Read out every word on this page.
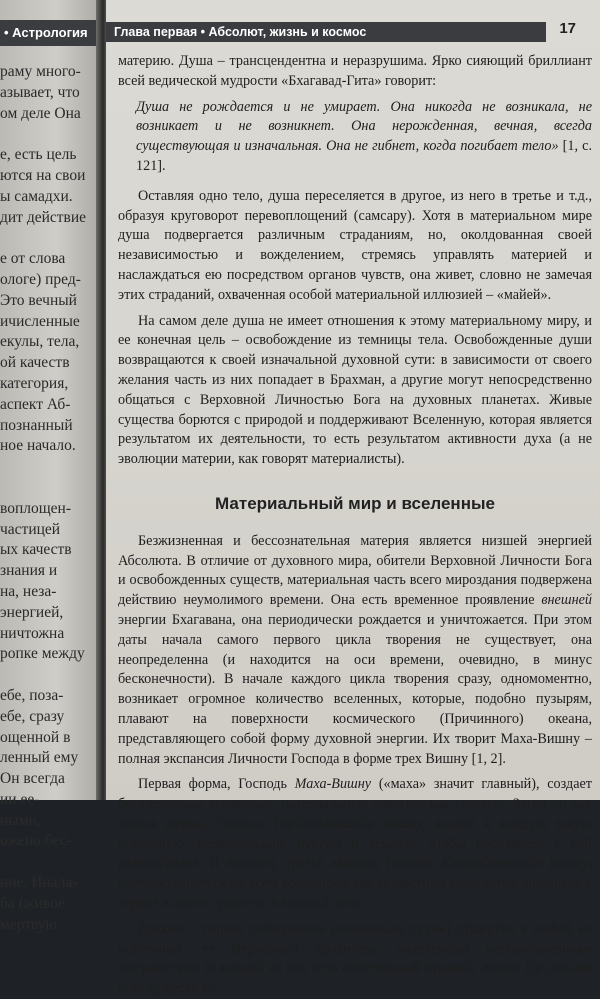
• Астрология
раму много-
азывает, что
ом деле Она

е, есть цель
ются на свои
ы самадхи.
дит действие

е от слова
ологе) пред-
Это вечный
ичисленные
екулы, тела,
ой качеств
категория,
аспект Аб-
познанный
ное начало.

воплощен-
частицей
ых качеств
знания и
на, неза-
энергией,
ничтожна
ропке между

ебе, поза-
ебе, сразу
ощенной в
ленный ему
Он всегда
ии ее-
ными,
ожено бес-

ние. Инала-
ба (живое
мертвую
Глава первая • Абсолют, жизнь и космос	17

материю. Душа – трансцендентна и неразрушима. Ярко сияющий бриллиант всей ведической мудрости «Бхагавад-Гита» говорит:

Душа не рождается и не умирает. Она никогда не возникала, не возникает и не возникнет. Она нерожденная, вечная, всегда существующая и изначальная. Она не гибнет, когда погибает тело» [1, с. 121].

Оставляя одно тело, душа переселяется в другое, из него в третье и т.д., образуя круговорот перевоплощений (самсару). Хотя в материальном мире душа подвергается различным страданиям, но, околдованная своей независимостью и вожделением, стремясь управлять материей и наслаждаться ею посредством органов чувств, она живет, словно не замечая этих страданий, охваченная особой материальной иллюзией – «майей».

На самом деле душа не имеет отношения к этому материальному миру, и ее конечная цель – освобождение из темницы тела. Освобожденные души возвращаются к своей изначальной духовной сути: в зависимости от своего желания часть из них попадает в Брахман, а другие могут непосредственно общаться с Верховной Личностью Бога на духовных планетах. Живые существа борются с природой и поддерживают Вселенную, которая является результатом их деятельности, то есть результатом активности духа (а не эволюции материи, как говорят материалисты).

Материальный мир и вселенные

Безжизненная и бессознательная материя является низшей энергией Абсолюта. В отличие от духовного мира, обители Верховной Личности Бога и освобожденных существ, материальная часть всего мироздания подвержена действию неумолимого времени. Она есть временное проявление внешней энергии Бхагавана, она периодически рождается и уничтожается. При этом даты начала самого первого цикла творения не существует, она неопределенна (и находится на оси времени, очевидно, в минус бесконечности). В начале каждого цикла творения сразу, одномоментно, возникает огромное количество вселенных, которые, подобно пузырям, плавают на поверхности космического (Причинного) океана, представляющего собой форму духовной энергии. Их творит Маха-Вишну – полная экспансия Личности Господа в форме трех Вишну [1, 2].

Первая форма, Господь Маха-Вишну («маха» значит главный), создает бесчисленные вселенные, материальную энергию как таковую. Затем он как вторая форма, Господь Гарбходакашайи Вишну, входит в каждую такую вселенную, первоначально пустую и темную, чтобы произвести в ней разнообразие. И наконец, третья аватара, Господь Кширодакашайи Вишну, распространяется по всем вселенным как вездесущая Параматма, проникая в сердце всякого существа и каждый атом.

Брахма – первое сотворенное (неполовым путем) существо в любой из вселенных, ее Верховный правитель, наделенный необыкновенным могуществом (в каждой из них есть собственный Брахма). Живет Он дольше всех существ во
